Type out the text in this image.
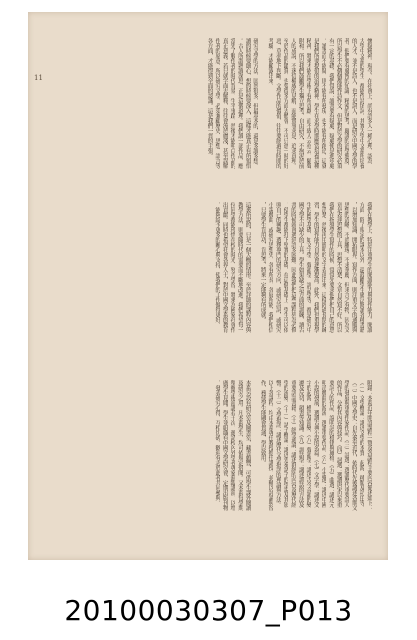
11	懷疑精神。現今，在社會上，尚有許多人一種心理，認為
大學中文系的學生，都能作詩填詞。其實大學中文系所培養
的人才，並不是詩人，也不是詞人，而是研究中國文學的學
者。他們要有廣博的知識，精密的思考，嚴謹的治學態度。
所以學生不必個個都能作詩作文，但是對於文學的研究必須
有一定的基礎。我們常說：讀書要有疑處，疑處便是進步處
。讀書而不能疑，則不能有所發現，也不能有所創造。這就
是我們所要提倡的治學精神。學生在求學時期應當培養這種
精神，將來才能在學術上有所貢獻，而不致人云亦云，隨聲
附和。所以我們鼓勵學生獨立思考，自由研究，不拘泥於前
人的成說，不迷信權威的見解，而能實事求是，追求真理。
至於作品的鑑賞，也要從多方面去體會，不可只憑一時的好
惡，草率地下判斷。文學作品的價值，往往要經過長時間的
考驗，才能顯露出來。
研究文學的方法，固然很多，但最基本的，還是多讀多想。
讀的時候要細心，想的時候要深入，這樣才能真正有所領悟
。古人所謂熟讀深思，正是這個道理。我們讀一部作品，應
當先了解作者的時代背景，生平事蹟，然後才能明白作品的
真正意義。若只就字面去解釋，往往會流於膚淺，甚至誤解
作者的原意。所以研究文學，必須兼顧歷史、思想、語言等
各方面，才能得到全面的認識。這是我們一貫的主張。
我們在教學上，特別注重學生的閱讀能力與寫作能力。閱讀
方面，除了規定的課本以外，還鼓勵學生廣泛閱讀各種書籍
，以增加知識，開拓眼界。寫作方面，則注重文字的通順與
思想的清晰，不尚雕琢，不求華麗，但求言之有物。因為文
章是表達思想的工具，思想不清楚，文章自然寫不好。所以
我們在指導學生寫作的時候，常常先要求他們把自己的意思
想清楚，然後再用簡明的文字表達出來。這樣經過長期的練
習，學生的寫作能力自然會逐漸提高。此外，我們也重視學
生的國學基礎，如文字學、聲韻學、訓詁學等，都是研究中
國文學不可缺少的工具。學生如果缺乏這方面的訓練，讀古
書的時候就會遇到許多困難。因此我們把這些課程列為必修
，使學生都能打下堅實的基礎。在這個基礎上，學生可以依
照自己的興趣，選擇專門的研究方向，或研究詩詞，或研究
小說戲曲，或研究思想史，各有所長，各展所能。我們相信
，只要學生肯用功，肯思考，將來一定能夠有所成就。
這裏所說的，只是一個大概的情形。至於詳細的課程內容與
教學方法，則要隨時代的需要而不斷地改進。我們希望每一
位同學都能珍惜在校的時光，努力學習，將來為國家社會作
出貢獻。同時也希望社會各界人士，對於中國文學系的教育
，能夠給予更多的關心與支持，使我們的工作做得更好。
附錄：本系近年開設課程一覽及各課程主要內容簡述如下：
（一）文學概論：講述文學的本質、起源、種類及功用等。
（二）中國文學史：自先秦至近代，依時代先後講述各期文
學的發展與重要作家作品。（三）詩選：選讀歷代重要詩人
的作品，分析其內容與技巧。（四）詞選：選讀唐宋以來重
要詞人的作品，說明詞的格律與風格。（五）曲選：講述元
明清戲曲的源流，選讀重要作品。（六）小說選：講述中國
小說的發展，選讀古典小說的名篇。（七）文字學：講述文
字的起源、構造及演變。（八）聲韻學：講述古今音韻的變
遷及反切、韻書等知識。（九）訓詁學：講述訓詁的方法及
重要訓詁書籍。（十）經學通論：講述群經的內容及歷代經
學的流變。（十一）諸子概論：講述先秦諸子的學說及其影
響。（十二）文學批評：講述歷代文學批評的理論與方法。
以上各課程，均由本系專任教授擔任講授，並輔以討論與習
作，務使學生能融會貫通，學以致用。
本系另設有研究室及圖書室，藏書頗豐，可供學生課外閱讀
及研究之用。凡本系學生，均可依規定借閱。又本系每學期
舉辦學術演講若干次，邀請校內外學者專家蒞臨講演，以增
廣學生見聞。學生並組織有中國文學研究會，定期出版刊物
，發表研究心得，互相切磋。歡迎有志於此者共同參與。
20100030307_P013
